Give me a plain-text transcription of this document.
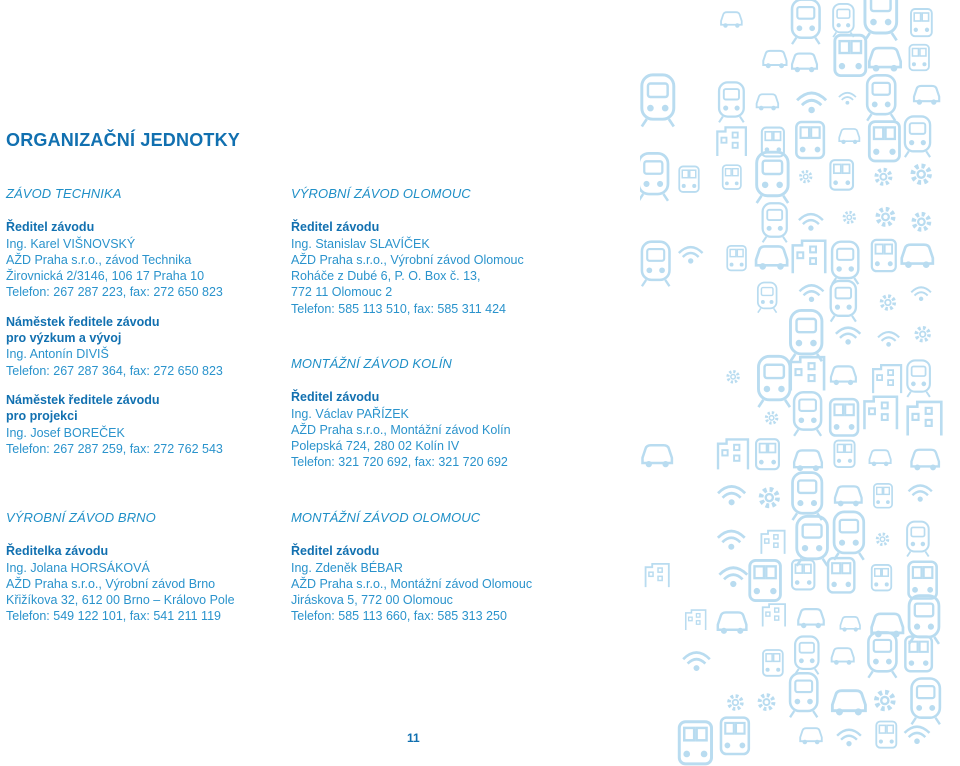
ORGANIZAČNÍ JEDNOTKY
ZÁVOD TECHNIKA
Ředitel závodu
Ing. Karel VIŠNOVSKÝ
AŽD Praha s.r.o., závod Technika
Žirovnická 2/3146, 106 17 Praha 10
Telefon: 267 287 223, fax: 272 650 823
Náměstek ředitele závodu
pro výzkum a vývoj
Ing. Antonín DIVIŠ
Telefon: 267 287 364, fax: 272 650 823
Náměstek ředitele závodu
pro projekci
Ing. Josef BOREČEK
Telefon: 267 287 259, fax: 272 762 543
VÝROBNÍ ZÁVOD OLOMOUC
Ředitel závodu
Ing. Stanislav SLAVÍČEK
AŽD Praha s.r.o., Výrobní závod Olomouc
Roháče z Dubé 6, P. O. Box č. 13,
772 11 Olomouc 2
Telefon: 585 113 510, fax: 585 311 424
MONTÁŽNÍ ZÁVOD KOLÍN
Ředitel závodu
Ing. Václav PAŘÍZEK
AŽD Praha s.r.o., Montážní závod Kolín
Polepská 724, 280 02 Kolín IV
Telefon: 321 720 692, fax: 321 720 692
VÝROBNÍ ZÁVOD BRNO
Ředitelka závodu
Ing. Jolana HORSÁKOVÁ
AŽD Praha s.r.o., Výrobní závod Brno
Křižíkova 32, 612 00 Brno – Královo Pole
Telefon: 549 122 101, fax: 541 211 119
MONTÁŽNÍ ZÁVOD OLOMOUC
Ředitel závodu
Ing. Zdeněk BÉBAR
AŽD Praha s.r.o., Montážní závod Olomouc
Jiráskova 5, 772 00 Olomouc
Telefon: 585 113 660, fax: 585 313 250
11
